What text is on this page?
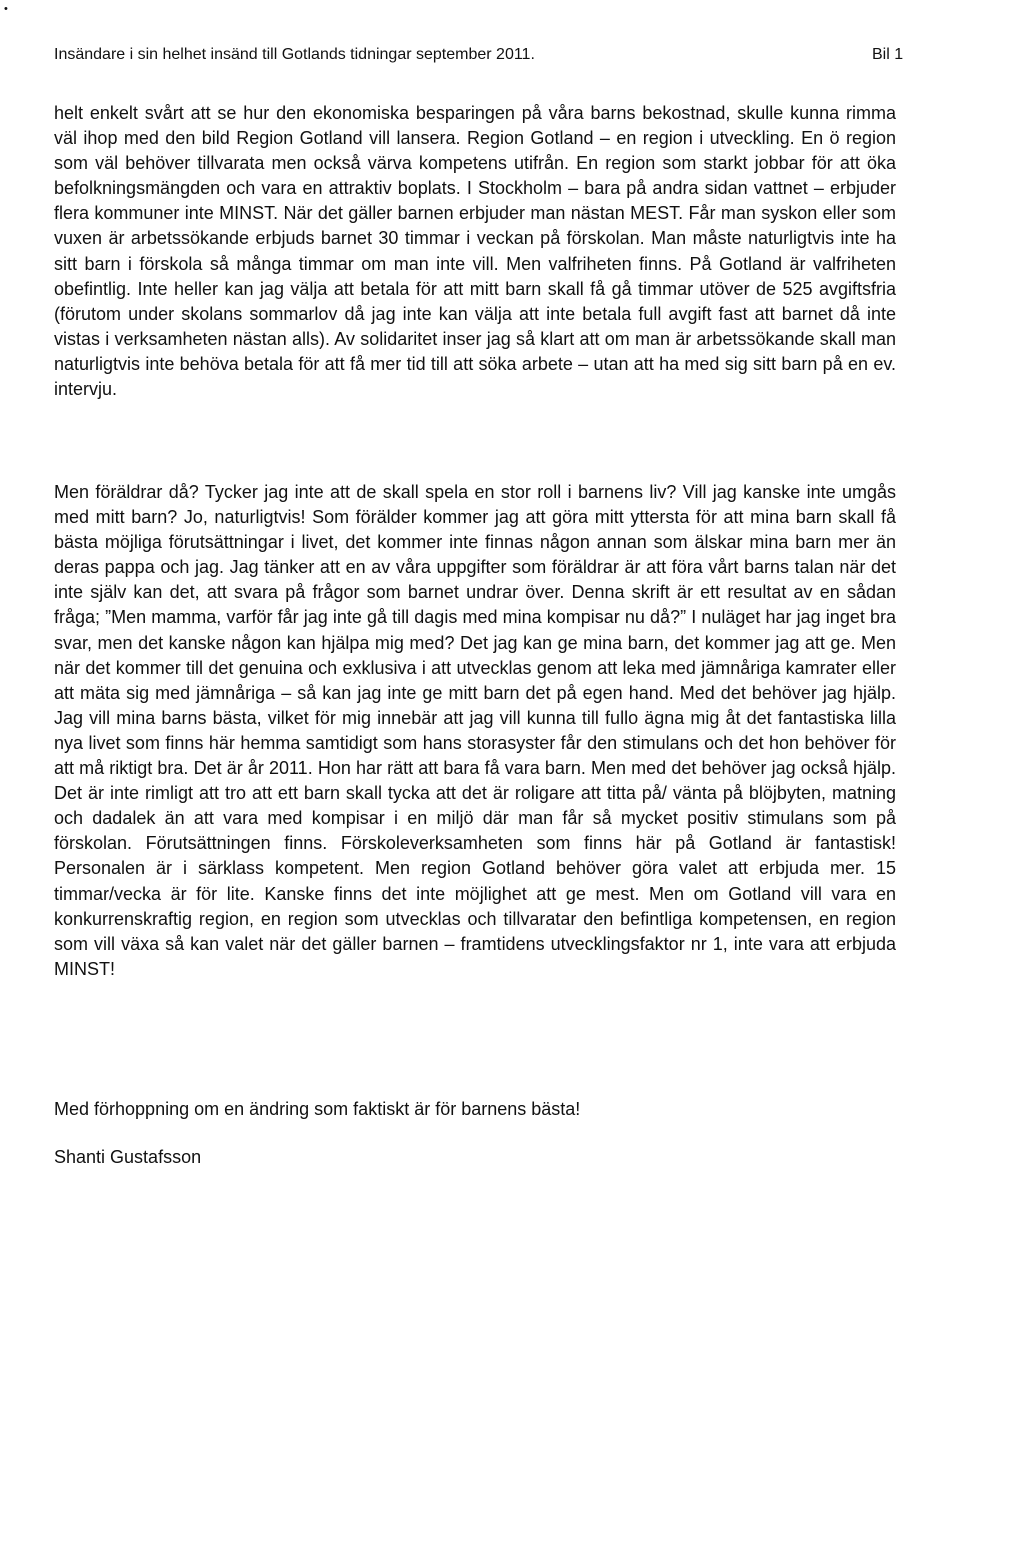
•
Insändare i sin helhet insänd till Gotlands tidningar september 2011.	Bil 1

helt enkelt svårt att se hur den ekonomiska besparingen på våra barns bekostnad, skulle kunna rimma väl ihop med den bild Region Gotland vill lansera. Region Gotland – en region i utveckling. En ö region som väl behöver tillvarata men också värva kompetens utifrån. En region som starkt jobbar för att öka befolkningsmängden och vara en attraktiv boplats. I Stockholm – bara på andra sidan vattnet – erbjuder flera kommuner inte MINST. När det gäller barnen erbjuder man nästan MEST. Får man syskon eller som vuxen är arbetssökande erbjuds barnet 30 timmar i veckan på förskolan. Man måste naturligtvis inte ha sitt barn i förskola så många timmar om man inte vill. Men valfriheten finns. På Gotland är valfriheten obefintlig. Inte heller kan jag välja att betala för att mitt barn skall få gå timmar utöver de 525 avgiftsfria (förutom under skolans sommarlov då jag inte kan välja att inte betala full avgift fast att barnet då inte vistas i verksamheten nästan alls). Av solidaritet inser jag så klart att om man är arbetssökande skall man naturligtvis inte behöva betala för att få mer tid till att söka arbete – utan att ha med sig sitt barn på en ev. intervju.

Men föräldrar då? Tycker jag inte att de skall spela en stor roll i barnens liv? Vill jag kanske inte umgås med mitt barn? Jo, naturligtvis! Som förälder kommer jag att göra mitt yttersta för att mina barn skall få bästa möjliga förutsättningar i livet, det kommer inte finnas någon annan som älskar mina barn mer än deras pappa och jag. Jag tänker att en av våra uppgifter som föräldrar är att föra vårt barns talan när det inte själv kan det, att svara på frågor som barnet undrar över. Denna skrift är ett resultat av en sådan fråga; ”Men mamma, varför får jag inte gå till dagis med mina kompisar nu då?” I nuläget har jag inget bra svar, men det kanske någon kan hjälpa mig med? Det jag kan ge mina barn, det kommer jag att ge. Men när det kommer till det genuina och exklusiva i att utvecklas genom att leka med jämnåriga kamrater eller att mäta sig med jämnåriga – så kan jag inte ge mitt barn det på egen hand. Med det behöver jag hjälp. Jag vill mina barns bästa, vilket för mig innebär att jag vill kunna till fullo ägna mig åt det fantastiska lilla nya livet som finns här hemma samtidigt som hans storasyster får den stimulans och det hon behöver för att må riktigt bra. Det är år 2011. Hon har rätt att bara få vara barn. Men med det behöver jag också hjälp. Det är inte rimligt att tro att ett barn skall tycka att det är roligare att titta på/ vänta på blöjbyten, matning och dadalek än att vara med kompisar i en miljö där man får så mycket positiv stimulans som på förskolan. Förutsättningen finns. Förskoleverksamheten som finns här på Gotland är fantastisk! Personalen är i särklass kompetent. Men region Gotland behöver göra valet att erbjuda mer. 15 timmar/vecka är för lite. Kanske finns det inte möjlighet att ge mest. Men om Gotland vill vara en konkurrenskraftig region, en region som utvecklas och tillvaratar den befintliga kompetensen, en region som vill växa så kan valet när det gäller barnen – framtidens utvecklingsfaktor nr 1, inte vara att erbjuda MINST!

Med förhoppning om en ändring som faktiskt är för barnens bästa!

Shanti Gustafsson
